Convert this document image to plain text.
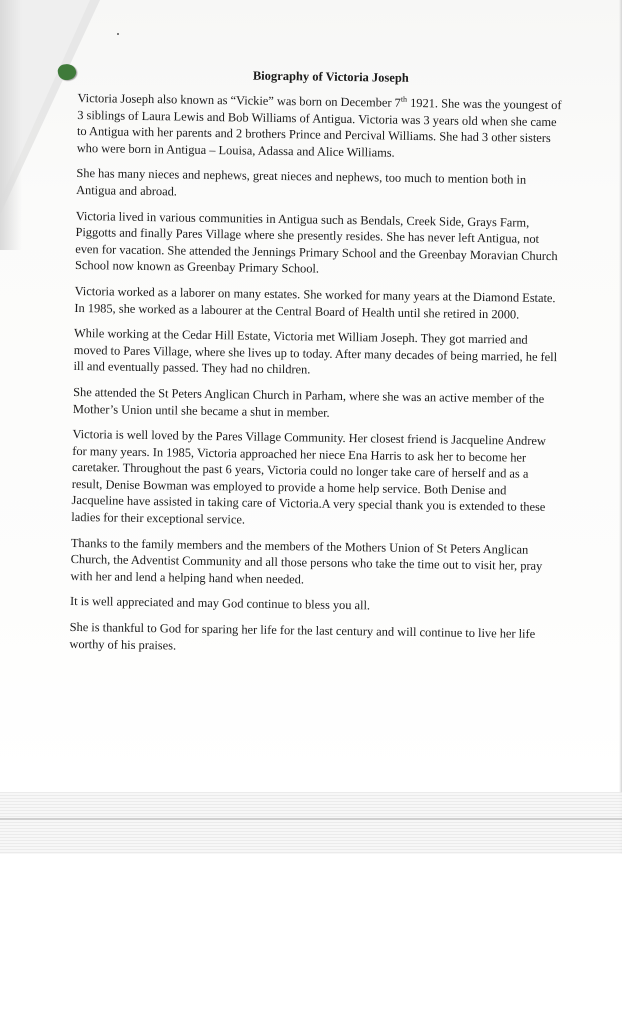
Biography of Victoria Joseph

Victoria Joseph also known as “Vickie” was born on December 7th 1921. She was the youngest of 3 siblings of Laura Lewis and Bob Williams of Antigua. Victoria was 3 years old when she came to Antigua with her parents and 2 brothers Prince and Percival Williams. She had 3 other sisters who were born in Antigua – Louisa, Adassa and Alice Williams.

She has many nieces and nephews, great nieces and nephews, too much to mention both in Antigua and abroad.

Victoria lived in various communities in Antigua such as Bendals, Creek Side, Grays Farm, Piggotts and finally Pares Village where she presently resides. She has never left Antigua, not even for vacation. She attended the Jennings Primary School and the Greenbay Moravian Church School now known as Greenbay Primary School.

Victoria worked as a laborer on many estates. She worked for many years at the Diamond Estate. In 1985, she worked as a labourer at the Central Board of Health until she retired in 2000.

While working at the Cedar Hill Estate, Victoria met William Joseph. They got married and moved to Pares Village, where she lives up to today. After many decades of being married, he fell ill and eventually passed. They had no children.

She attended the St Peters Anglican Church in Parham, where she was an active member of the Mother’s Union until she became a shut in member.

Victoria is well loved by the Pares Village Community. Her closest friend is Jacqueline Andrew for many years. In 1985, Victoria approached her niece Ena Harris to ask her to become her caretaker. Throughout the past 6 years, Victoria could no longer take care of herself and as a result, Denise Bowman was employed to provide a home help service. Both Denise and Jacqueline have assisted in taking care of Victoria.A very special thank you is extended to these ladies for their exceptional service.

Thanks to the family members and the members of the Mothers Union of St Peters Anglican Church, the Adventist Community and all those persons who take the time out to visit her, pray with her and lend a helping hand when needed.

It is well appreciated and may God continue to bless you all.

She is thankful to God for sparing her life for the last century and will continue to live her life worthy of his praises.
